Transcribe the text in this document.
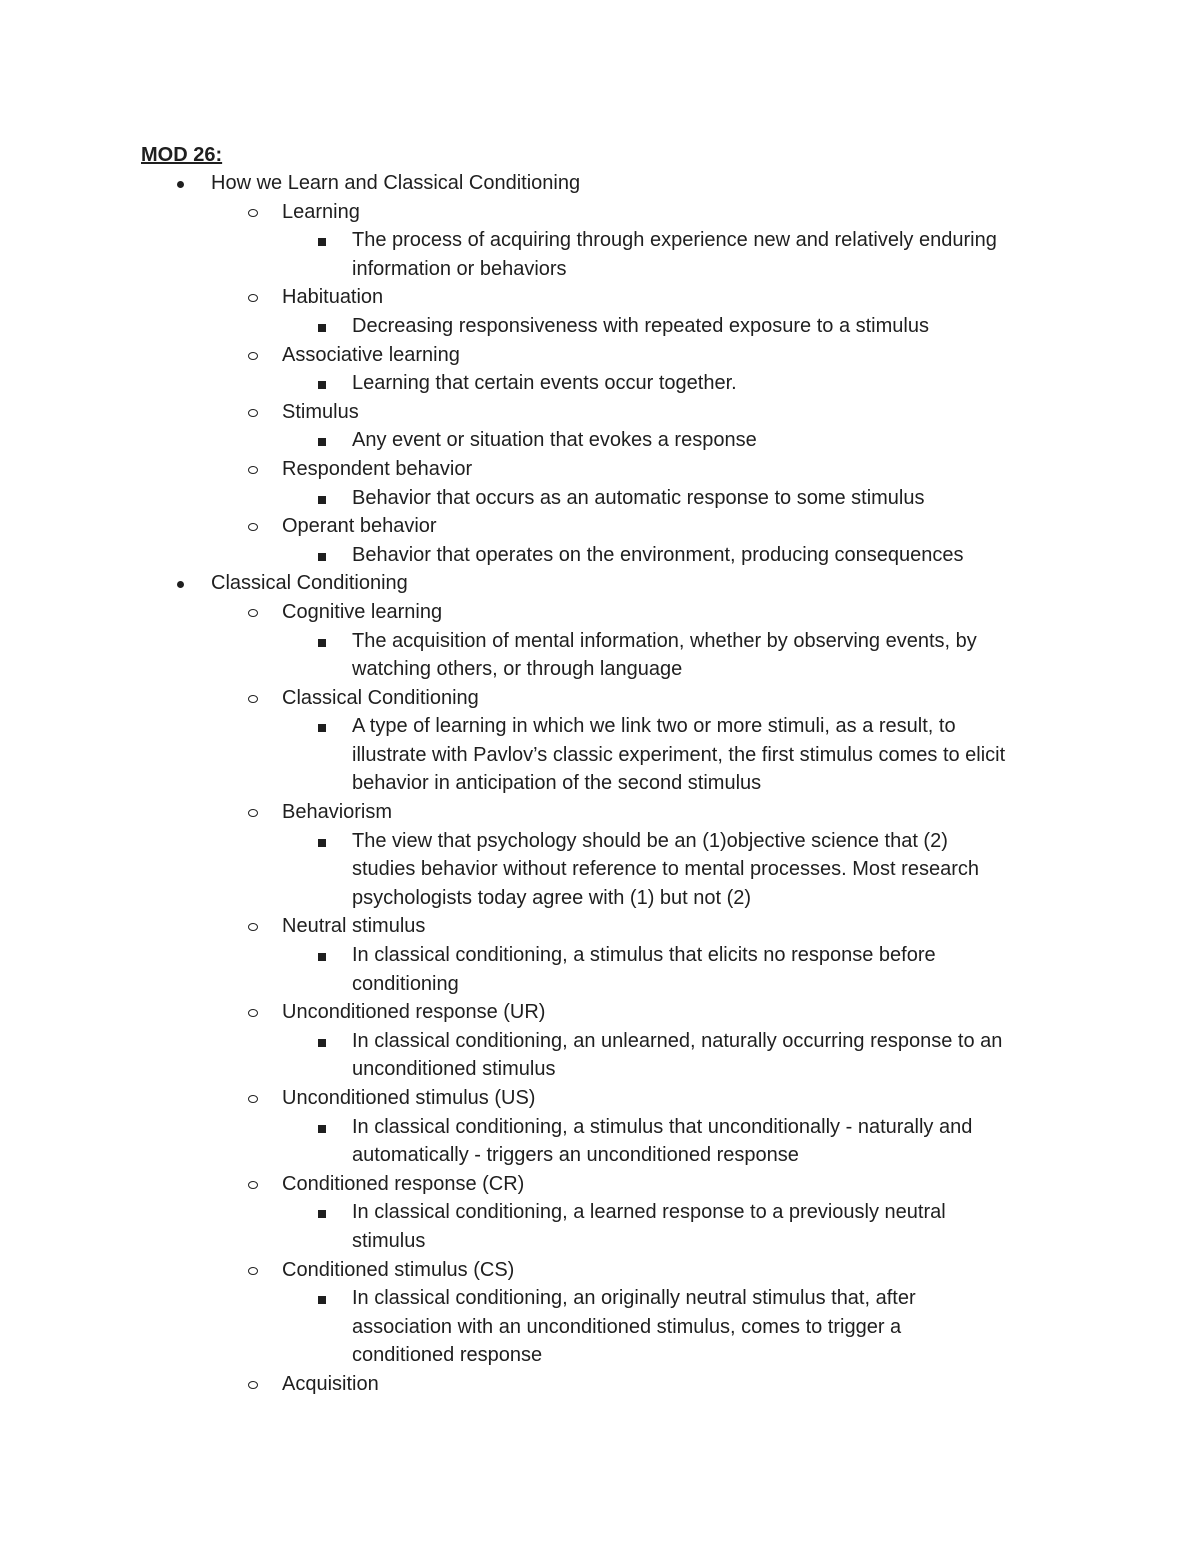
MOD 26:
How we Learn and Classical Conditioning
Learning
The process of acquiring through experience new and relatively enduring
information or behaviors
Habituation
Decreasing responsiveness with repeated exposure to a stimulus
Associative learning
Learning that certain events occur together.
Stimulus
Any event or situation that evokes a response
Respondent behavior
Behavior that occurs as an automatic response to some stimulus
Operant behavior
Behavior that operates on the environment, producing consequences
Classical Conditioning
Cognitive learning
The acquisition of mental information, whether by observing events, by
watching others, or through language
Classical Conditioning
A type of learning in which we link two or more stimuli, as a result, to
illustrate with Pavlov’s classic experiment, the first stimulus comes to elicit
behavior in anticipation of the second stimulus
Behaviorism
The view that psychology should be an (1)objective science that (2)
studies behavior without reference to mental processes. Most research
psychologists today agree with (1) but not (2)
Neutral stimulus
In classical conditioning, a stimulus that elicits no response before
conditioning
Unconditioned response (UR)
In classical conditioning, an unlearned, naturally occurring response to an
unconditioned stimulus
Unconditioned stimulus (US)
In classical conditioning, a stimulus that unconditionally - naturally and
automatically - triggers an unconditioned response
Conditioned response (CR)
In classical conditioning, a learned response to a previously neutral
stimulus
Conditioned stimulus (CS)
In classical conditioning, an originally neutral stimulus that, after
association with an unconditioned stimulus, comes to trigger a
conditioned response
Acquisition
